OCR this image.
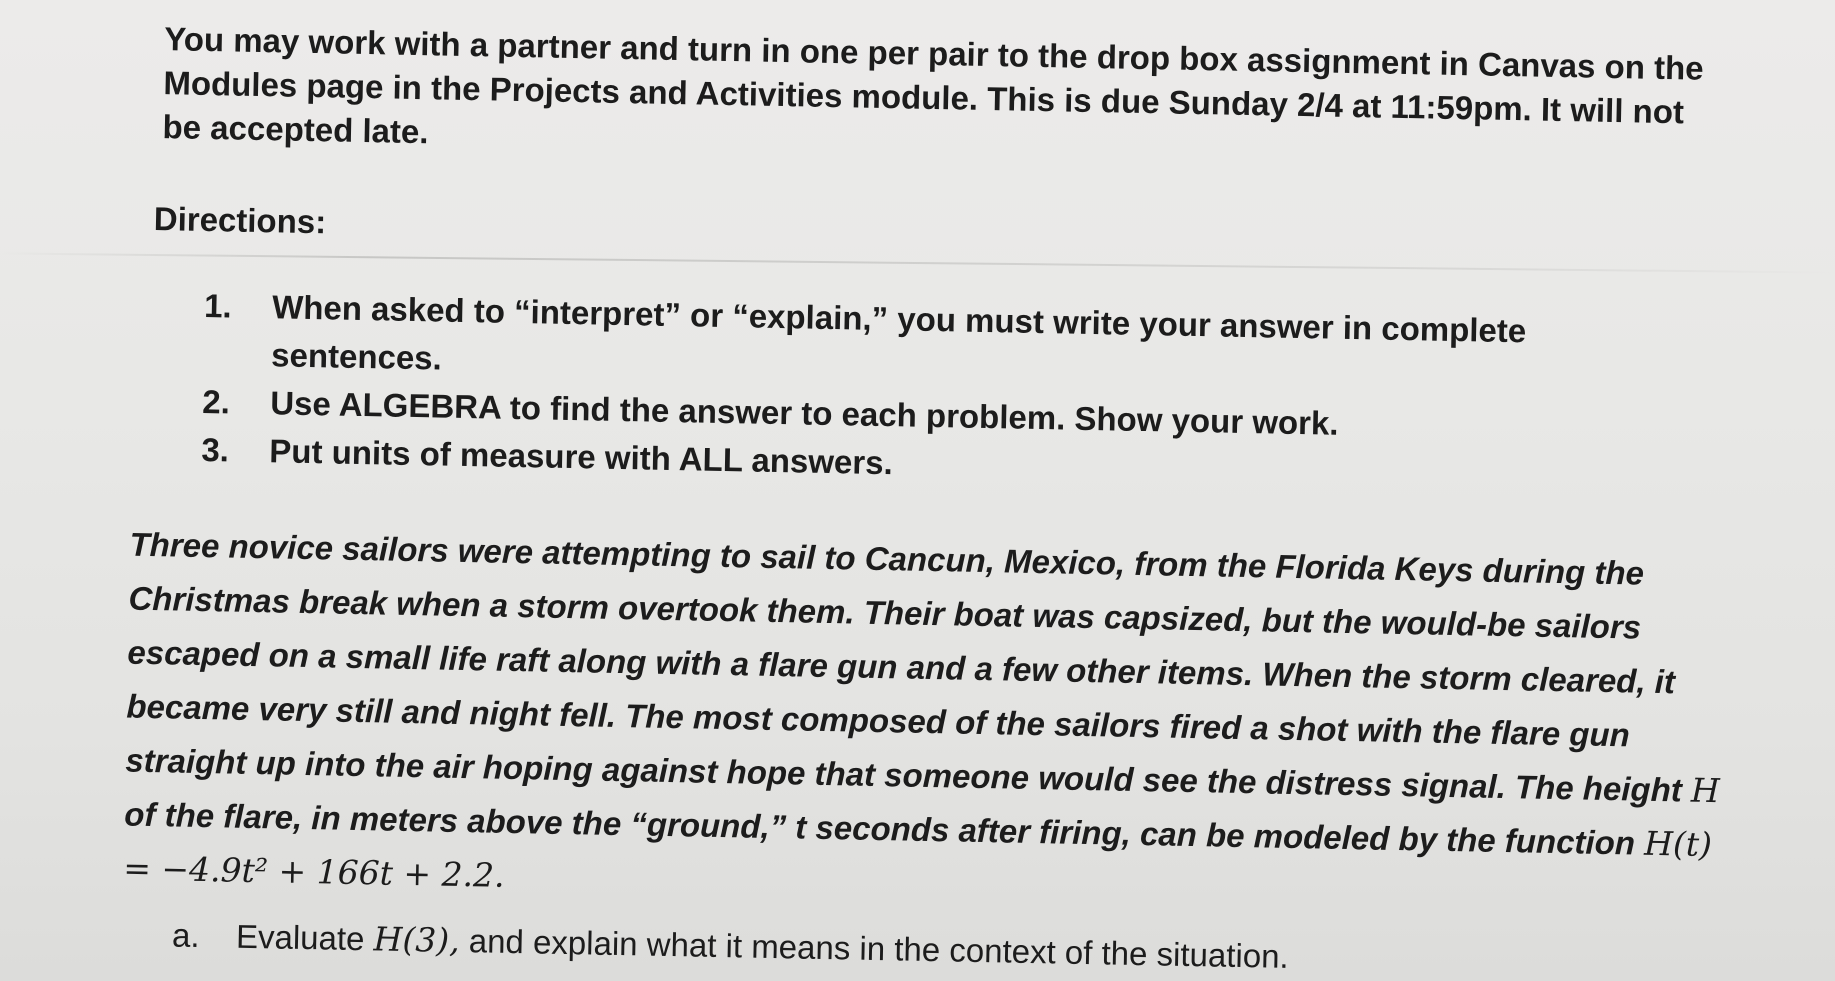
You may work with a partner and turn in one per pair to the drop box assignment in Canvas on the Modules page in the Projects and Activities module. This is due Sunday 2/4 at 11:59pm. It will not be accepted late.

Directions:

1. When asked to “interpret” or “explain,” you must write your answer in complete sentences.
2. Use ALGEBRA to find the answer to each problem. Show your work.
3. Put units of measure with ALL answers.

Three novice sailors were attempting to sail to Cancun, Mexico, from the Florida Keys during the Christmas break when a storm overtook them. Their boat was capsized, but the would-be sailors escaped on a small life raft along with a flare gun and a few other items. When the storm cleared, it became very still and night fell. The most composed of the sailors fired a shot with the flare gun straight up into the air hoping against hope that someone would see the distress signal. The height H of the flare, in meters above the “ground,” t seconds after firing, can be modeled by the function H(t) = −4.9t² + 166t + 2.2.

a. Evaluate H(3), and explain what it means in the context of the situation.
